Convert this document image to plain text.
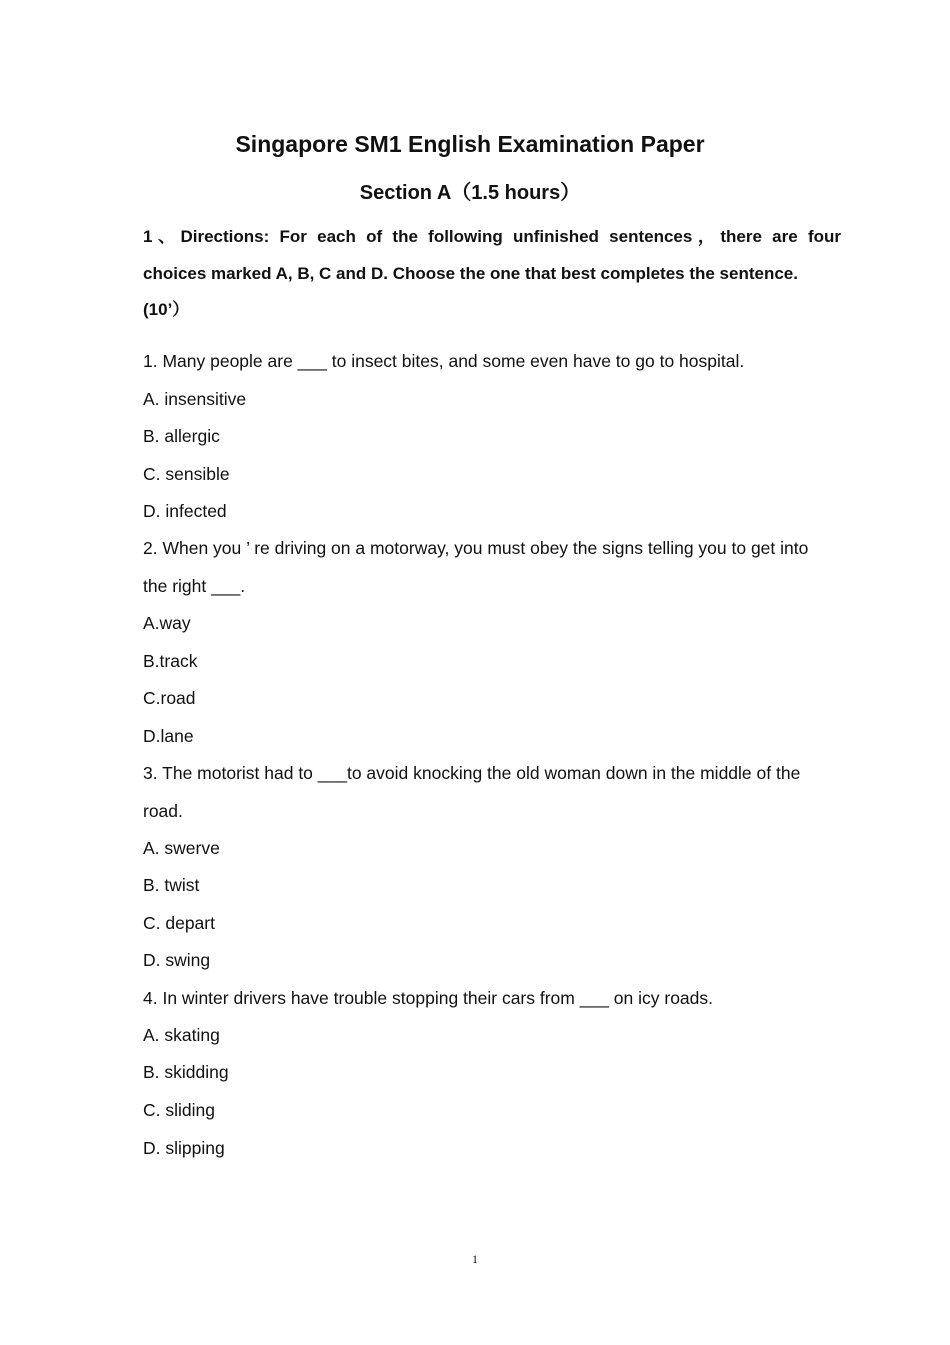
Singapore SM1 English Examination Paper
Section A（1.5 hours）
1、Directions: For each of the following unfinished sentences，there are four
choices marked A, B, C and D. Choose the one that best completes the sentence.
(10’）
1. Many people are ___ to insect bites, and some even have to go to hospital.
A. insensitive
B. allergic
C. sensible
D. infected
2. When you ’ re driving on a motorway, you must obey the signs telling you to get into
the right ___.
A.way
B.track
C.road
D.lane
3. The motorist had to ___to avoid knocking the old woman down in the middle of the
road.
A. swerve
B. twist
C. depart
D. swing
4. In winter drivers have trouble stopping their cars from ___ on icy roads.
A. skating
B. skidding
C. sliding
D. slipping
1
